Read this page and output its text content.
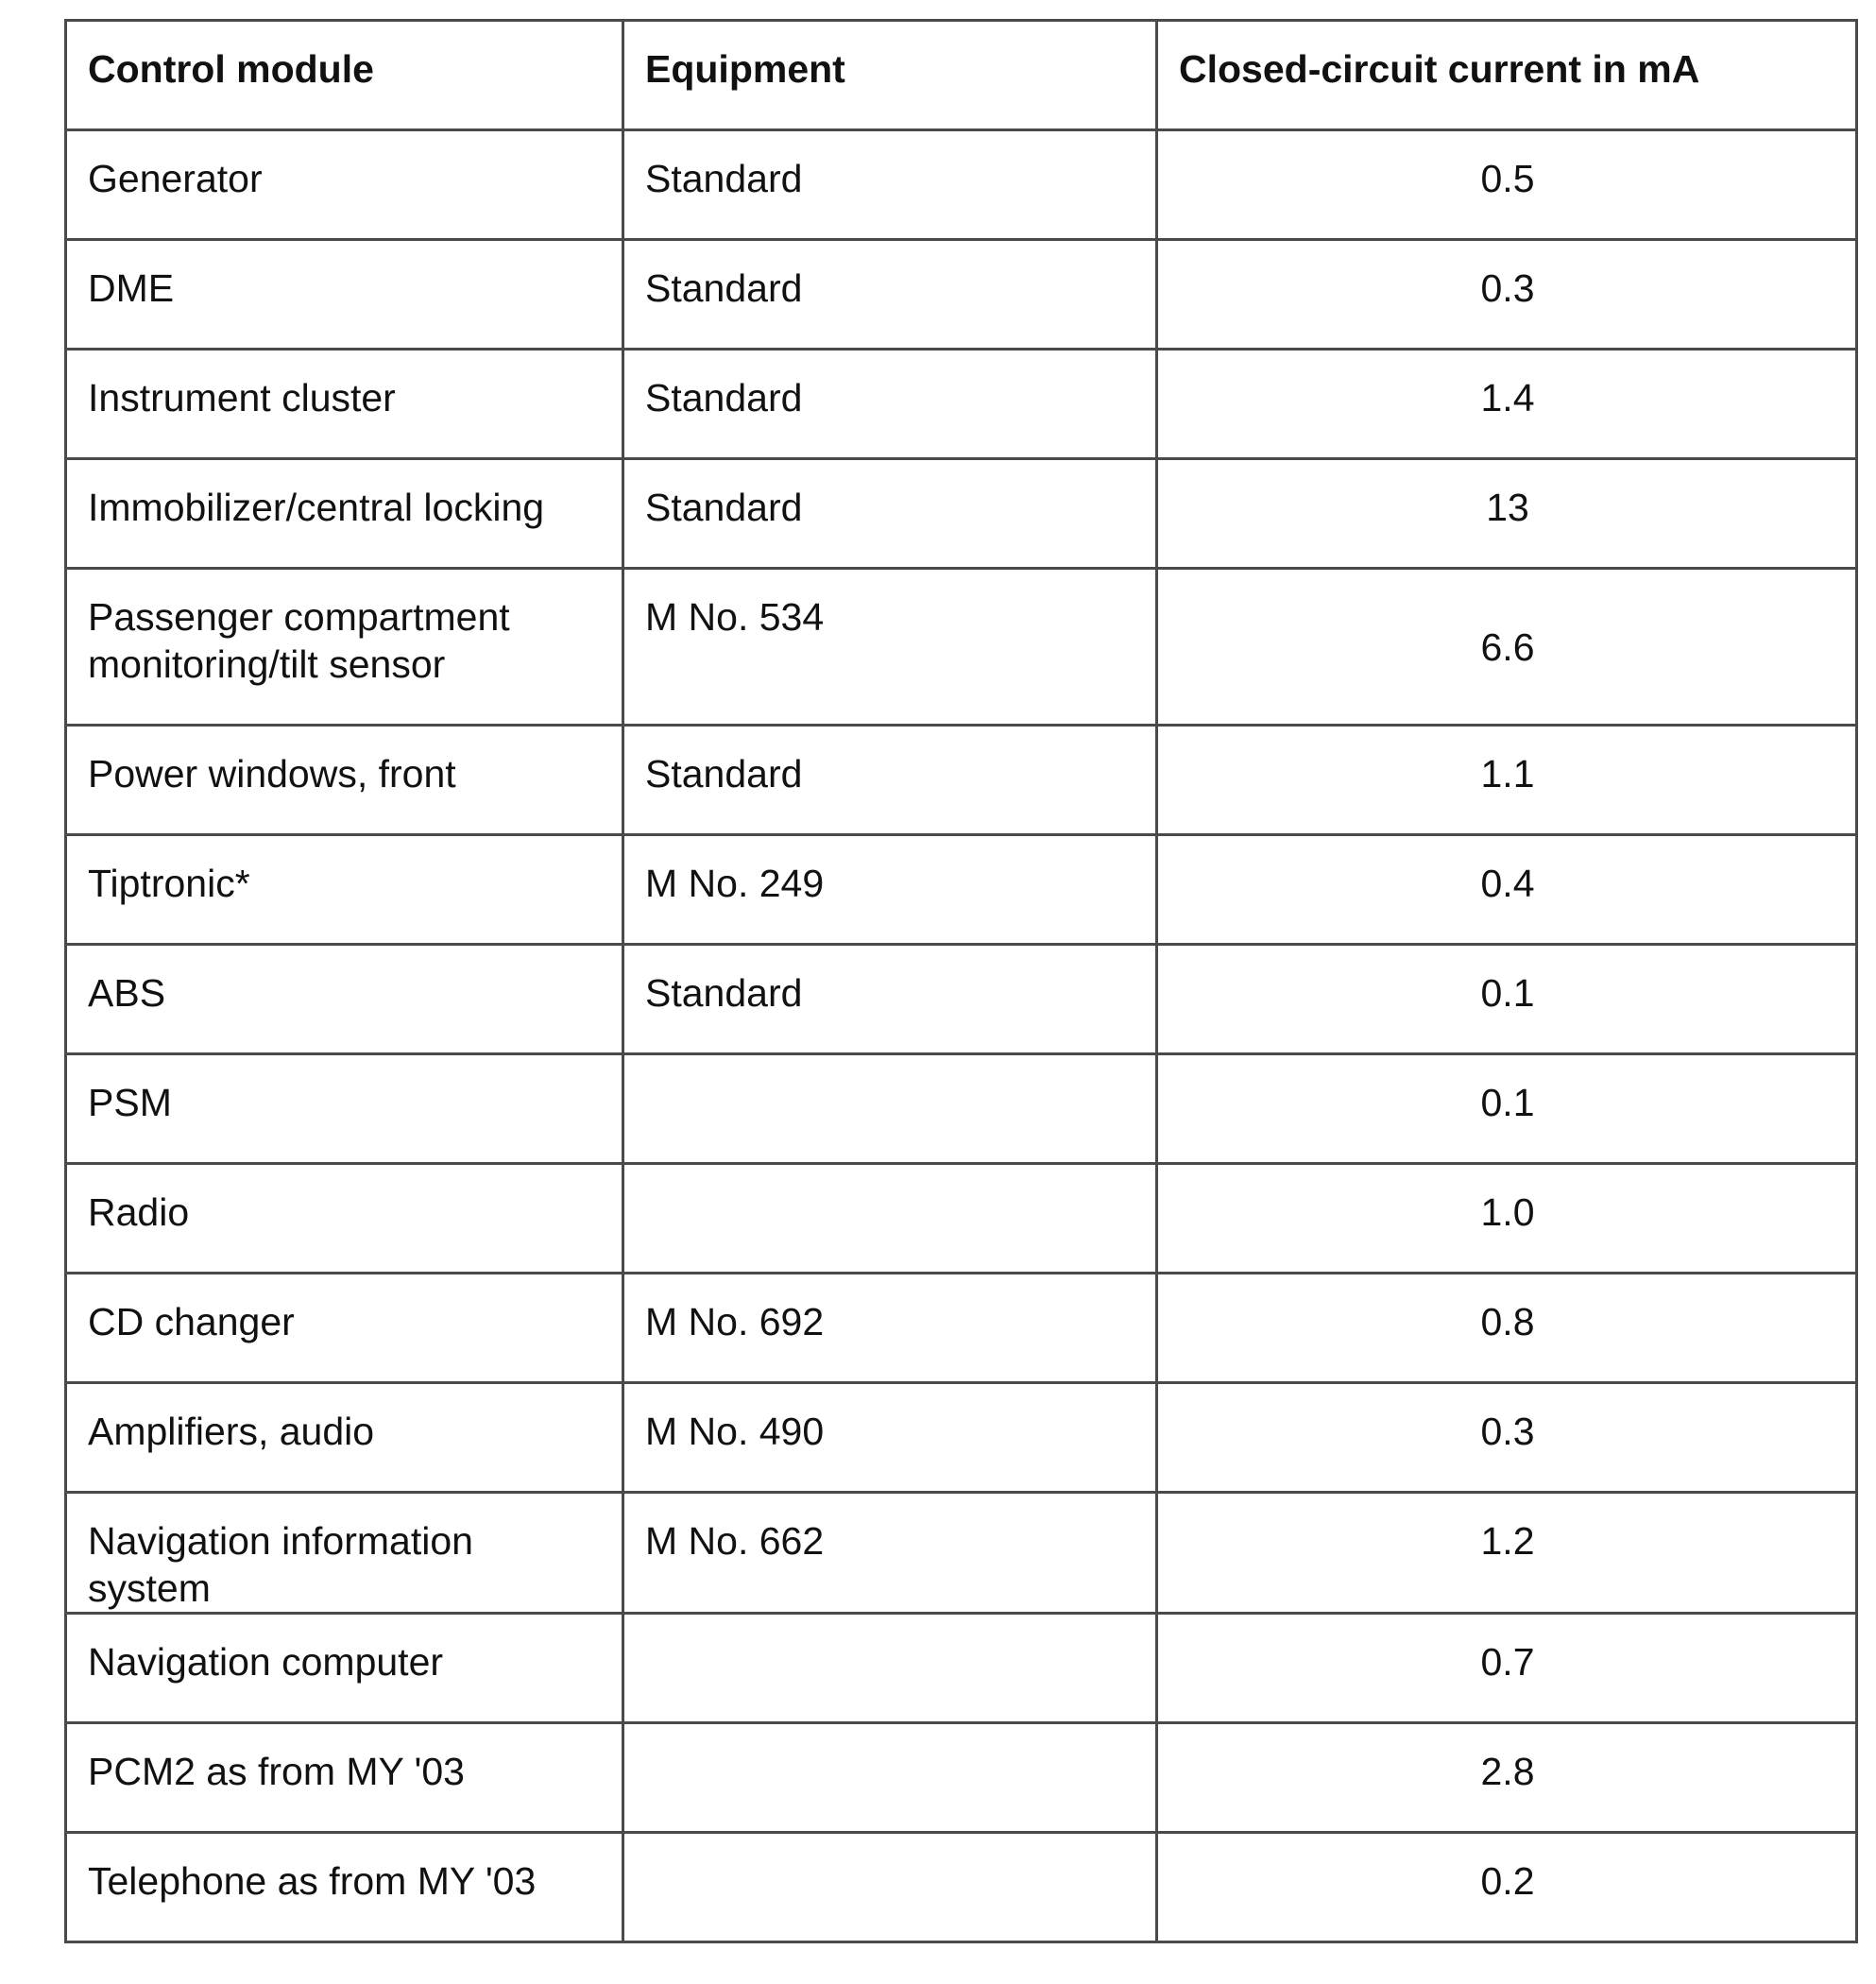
Control module	Equipment	Closed-circuit current in mA
Generator	Standard	0.5
DME	Standard	0.3
Instrument cluster	Standard	1.4
Immobilizer/central locking	Standard	13
Passenger compartment monitoring/tilt sensor	M No. 534	6.6
Power windows, front	Standard	1.1
Tiptronic*	M No. 249	0.4
ABS	Standard	0.1
PSM		0.1
Radio		1.0
CD changer	M No. 692	0.8
Amplifiers, audio	M No. 490	0.3
Navigation information system	M No. 662	1.2
Navigation computer		0.7
PCM2 as from MY '03		2.8
Telephone as from MY '03		0.2
